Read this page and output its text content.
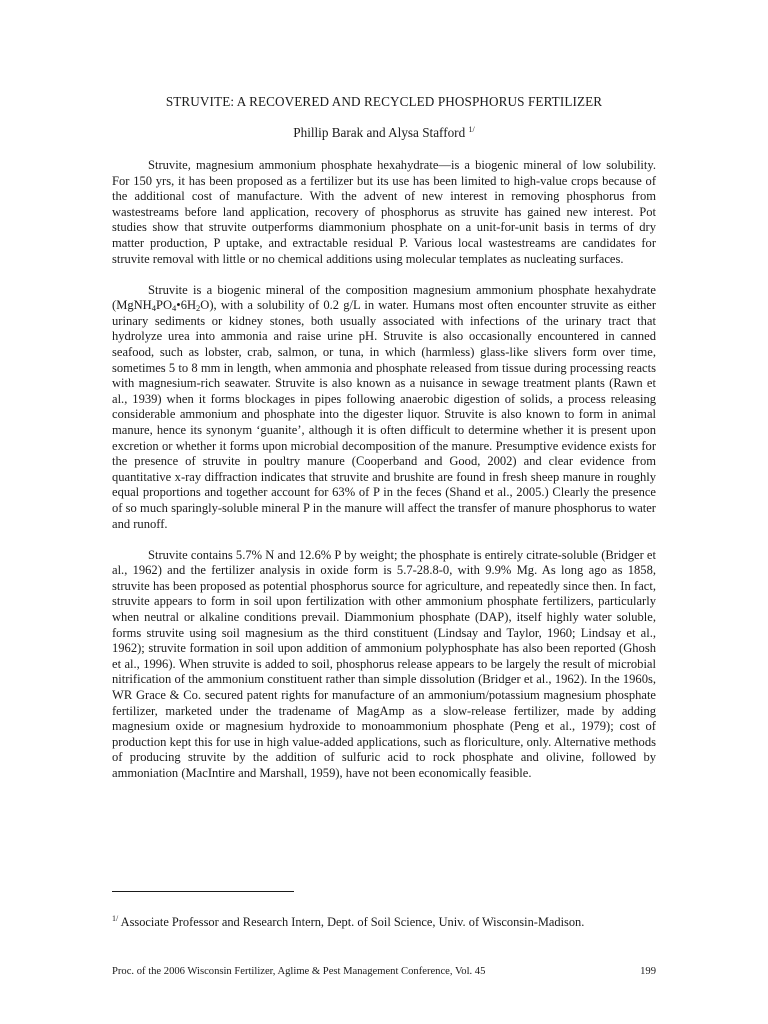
STRUVITE: A RECOVERED AND RECYCLED PHOSPHORUS FERTILIZER
Phillip Barak and Alysa Stafford $^{1/}$

Struvite, magnesium ammonium phosphate hexahydrate—is a biogenic mineral of low solubility. For 150 yrs, it has been proposed as a fertilizer but its use has been limited to high-value crops because of the additional cost of manufacture. With the advent of new interest in removing phosphorus from wastestreams before land application, recovery of phosphorus as struvite has gained new interest. Pot studies show that struvite outperforms diammonium phosphate on a unit-for-unit basis in terms of dry matter production, P uptake, and extractable residual P. Various local wastestreams are candidates for struvite removal with little or no chemical additions using molecular templates as nucleating surfaces.

Struvite is a biogenic mineral of the composition magnesium ammonium phosphate hexahydrate $(MgNH_4PO_4•6H_2O)$, with a solubility of 0.2 g/L in water. Humans most often encounter struvite as either urinary sediments or kidney stones, both usually associated with infections of the urinary tract that hydrolyze urea into ammonia and raise urine pH. Struvite is also occasionally encountered in canned seafood, such as lobster, crab, salmon, or tuna, in which (harmless) glass-like slivers form over time, sometimes 5 to 8 mm in length, when ammonia and phosphate released from tissue during processing reacts with magnesium-rich seawater. Struvite is also known as a nuisance in sewage treatment plants (Rawn et al., 1939) when it forms blockages in pipes following anaerobic digestion of solids, a process releasing considerable ammonium and phosphate into the digester liquor. Struvite is also known to form in animal manure, hence its synonym ‘guanite’, although it is often difficult to determine whether it is present upon excretion or whether it forms upon microbial decomposition of the manure. Presumptive evidence exists for the presence of struvite in poultry manure (Cooperband and Good, 2002) and clear evidence from quantitative x-ray diffraction indicates that struvite and brushite are found in fresh sheep manure in roughly equal proportions and together account for 63% of P in the feces (Shand et al., 2005.) Clearly the presence of so much sparingly-soluble mineral P in the manure will affect the transfer of manure phosphorus to water and runoff.

Struvite contains 5.7% N and 12.6% P by weight; the phosphate is entirely citrate-soluble (Bridger et al., 1962) and the fertilizer analysis in oxide form is 5.7-28.8-0, with 9.9% Mg. As long ago as 1858, struvite has been proposed as potential phosphorus source for agriculture, and repeatedly since then. In fact, struvite appears to form in soil upon fertilization with other ammonium phosphate fertilizers, particularly when neutral or alkaline conditions prevail. Diammonium phosphate (DAP), itself highly water soluble, forms struvite using soil magnesium as the third constituent (Lindsay and Taylor, 1960; Lindsay et al., 1962); struvite formation in soil upon addition of ammonium polyphosphate has also been reported (Ghosh et al., 1996). When struvite is added to soil, phosphorus release appears to be largely the result of microbial nitrification of the ammonium constituent rather than simple dissolution (Bridger et al., 1962). In the 1960s, WR Grace & Co. secured patent rights for manufacture of an ammonium/potassium magnesium phosphate fertilizer, marketed under the tradename of MagAmp as a slow-release fertilizer, made by adding magnesium oxide or magnesium hydroxide to monoammonium phosphate (Peng et al., 1979); cost of production kept this for use in high value-added applications, such as floriculture, only. Alternative methods of producing struvite by the addition of sulfuric acid to rock phosphate and olivine, followed by ammoniation (MacIntire and Marshall, 1959), have not been economically feasible.

$^{1/}$ Associate Professor and Research Intern, Dept. of Soil Science, Univ. of Wisconsin-Madison.
Proc. of the 2006 Wisconsin Fertilizer, Aglime & Pest Management Conference, Vol. 45	199
